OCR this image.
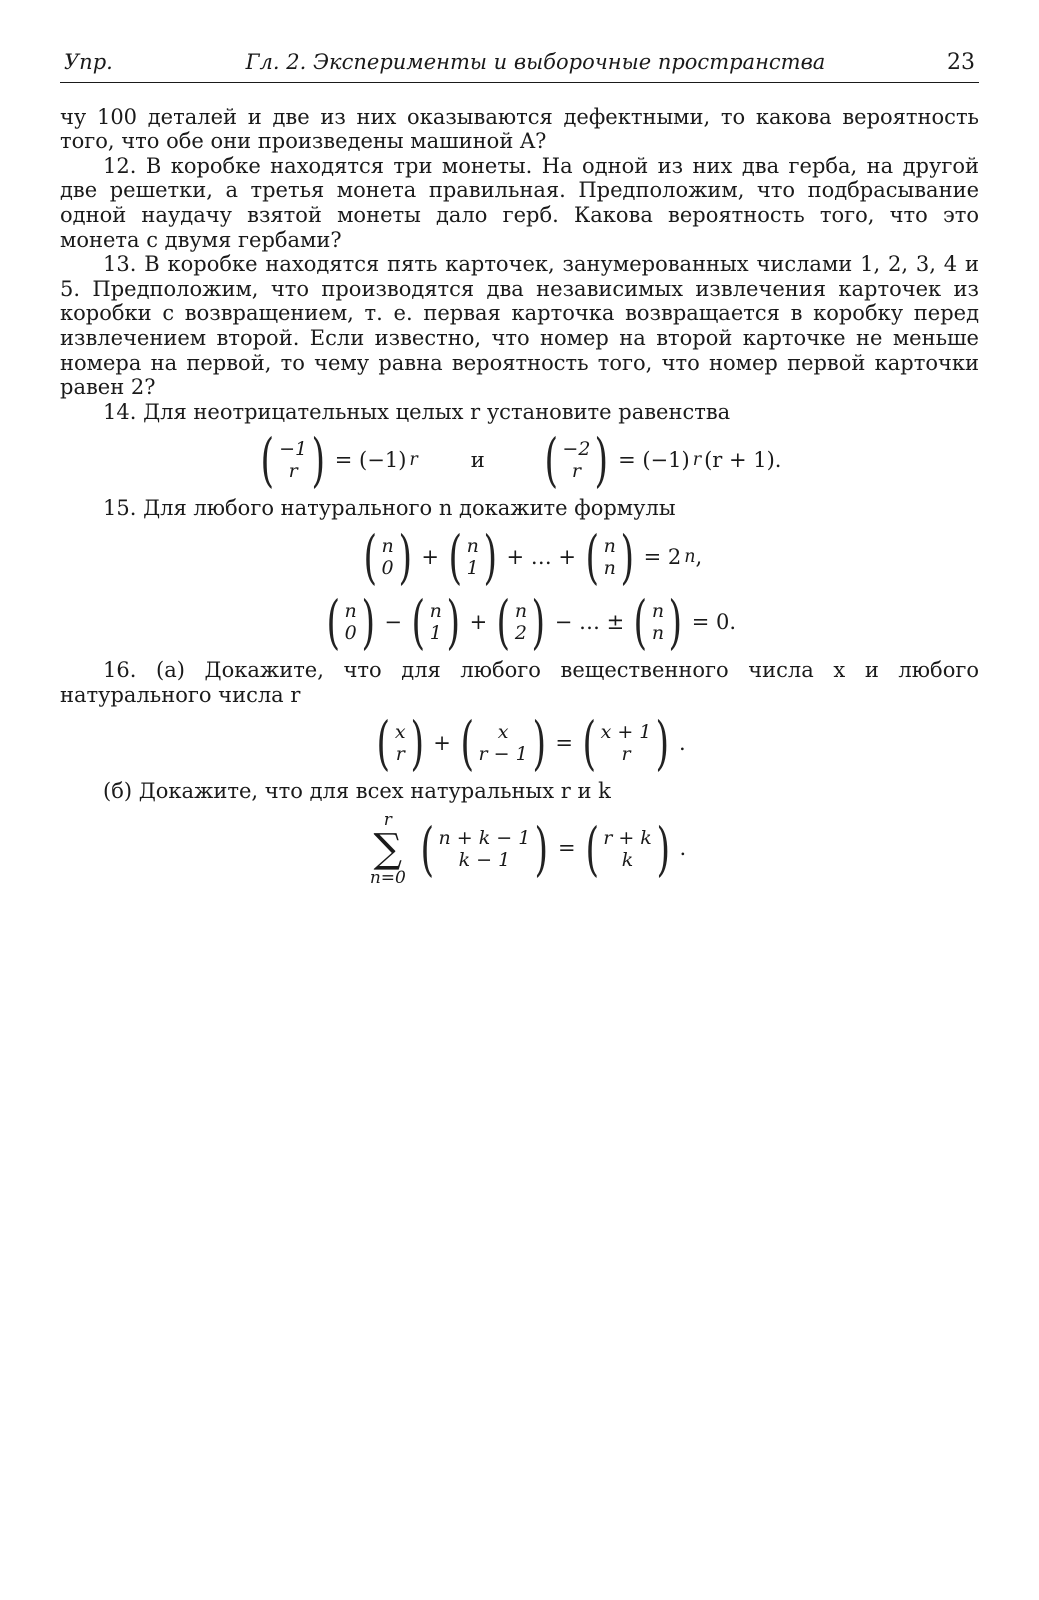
Упр.	Гл. 2. Эксперименты и выборочные пространства	23

чу 100 деталей и две из них оказываются дефектными, то какова вероятность того, что обе они произведены машиной A?

12. В коробке находятся три монеты. На одной из них два герба, на другой две решетки, а третья монета правильная. Предположим, что подбрасывание одной наудачу взятой монеты дало герб. Какова вероятность того, что это монета с двумя гербами?

13. В коробке находятся пять карточек, занумерованных числами 1, 2, 3, 4 и 5. Предположим, что производятся два независимых извлечения карточек из коробки с возвращением, т. е. первая карточка возвращается в коробку перед извлечением второй. Если известно, что номер на второй карточке не меньше номера на первой, то чему равна вероятность того, что номер первой карточки равен 2?

14. Для неотрицательных целых r установите равенства

( −1
r ) = (−1) r	и ( −2
r ) = (−1) r (r + 1).

15. Для любого натурального n докажите формулы

( n
0 ) + ( n
1 ) + … + ( n
n ) = 2 n ,
( n
0 ) − ( n
1 ) + ( n
2 ) − … ± ( n
n ) = 0.

16. (а) Докажите, что для любого вещественного числа x и любого натурального числа r

( x
r ) + ( x
r − 1 ) = ( x + 1
r ) .

(б) Докажите, что для всех натуральных r и k

r
∑
n=0 ( n + k − 1
k − 1 ) = ( r + k
k ) .
